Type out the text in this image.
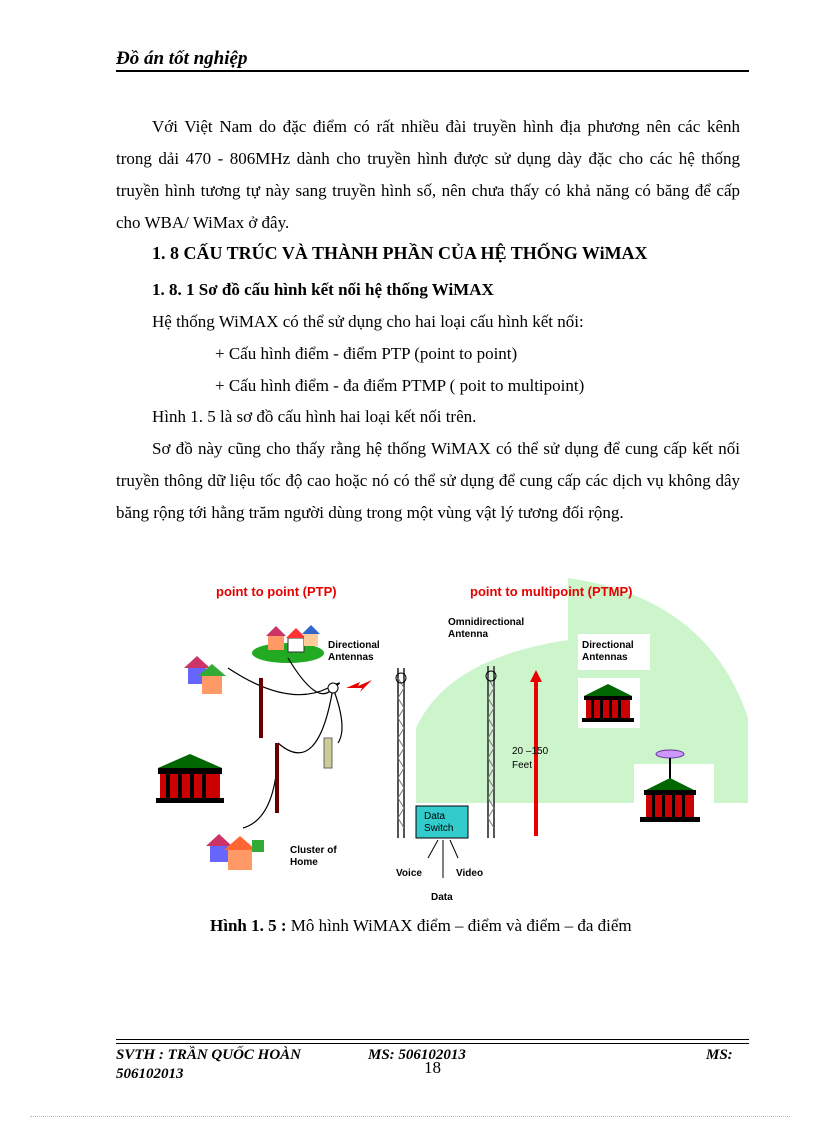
Đồ án tốt nghiệp

Với Việt Nam do đặc điểm có rất nhiều đài truyền hình địa phương nên các kênh trong dải 470 - 806MHz dành cho truyền hình được sử dụng dày đặc cho các hệ thống truyền hình tương tự này sang truyền hình số, nên chưa thấy có khả năng có băng để cấp cho WBA/ WiMax ở đây.

1. 8 CẤU TRÚC VÀ THÀNH PHẦN CỦA HỆ THỐNG WiMAX
1. 8. 1 Sơ đồ cấu hình kết nối hệ thống WiMAX
Hệ thống WiMAX có thể sử dụng cho hai loại cấu hình kết nối:
+ Cấu hình điểm - điểm PTP (point to point)
+ Cấu hình điểm - đa điểm PTMP ( poit to multipoint)
Hình 1. 5 là sơ đồ cấu hình hai loại kết nối trên.

Sơ đồ này cũng cho thấy rằng hệ thống WiMAX có thể sử dụng để cung cấp kết nối truyền thông dữ liệu tốc độ cao hoặc nó có thể sử dụng để cung cấp các dịch vụ không dây băng rộng tới hằng trăm người dùng trong một vùng vật lý tương đối rộng.

point to point (PTP)	point to multipoint (PTMP)
Directional
Antennas
Cluster of
Home
Omnidirectional
Antenna
Data
Switch
Voice
Data
Video
20 –150
Feet
Directional
Antennas
Hình 1. 5 : Mô hình WiMAX điểm – điểm và điểm – đa điểm
SVTH : TRẦN QUỐC HOÀN	MS: 506102013	MS:
506102013	18
